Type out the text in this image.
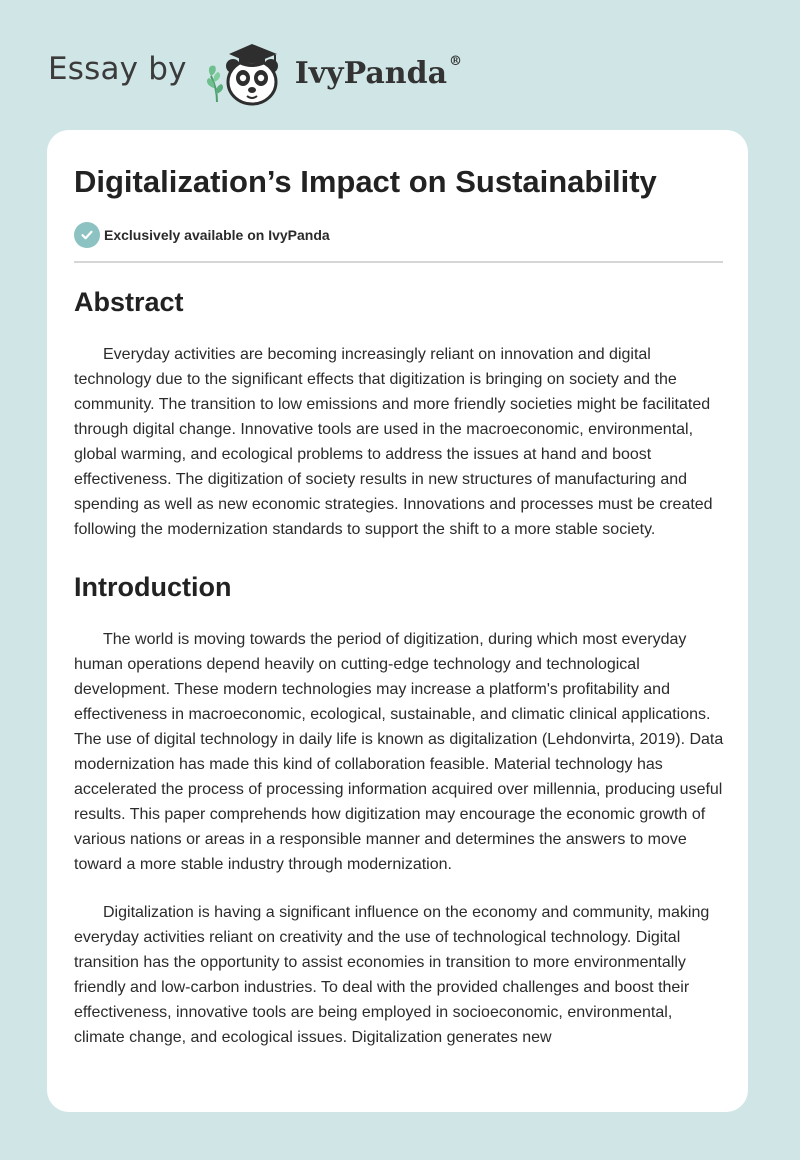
Essay by	IvyPanda ®
Digitalization’s Impact on Sustainability
Exclusively available on IvyPanda
Abstract

Everyday activities are becoming increasingly reliant on innovation and digital technology due to the significant effects that digitization is bringing on society and the community. The transition to low emissions and more friendly societies might be facilitated through digital change. Innovative tools are used in the macroeconomic, environmental, global warming, and ecological problems to address the issues at hand and boost effectiveness. The digitization of society results in new structures of manufacturing and spending as well as new economic strategies. Innovations and processes must be created following the modernization standards to support the shift to a more stable society.

Introduction

The world is moving towards the period of digitization, during which most everyday human operations depend heavily on cutting-edge technology and technological development. These modern technologies may increase a platform's profitability and effectiveness in macroeconomic, ecological, sustainable, and climatic clinical applications. The use of digital technology in daily life is known as digitalization (Lehdonvirta, 2019). Data modernization has made this kind of collaboration feasible. Material technology has accelerated the process of processing information acquired over millennia, producing useful results. This paper comprehends how digitization may encourage the economic growth of various nations or areas in a responsible manner and determines the answers to move toward a more stable industry through modernization.

Digitalization is having a significant influence on the economy and community, making everyday activities reliant on creativity and the use of technological technology. Digital transition has the opportunity to assist economies in transition to more environmentally friendly and low-carbon industries. To deal with the provided challenges and boost their effectiveness, innovative tools are being employed in socioeconomic, environmental, climate change, and ecological issues. Digitalization generates new
